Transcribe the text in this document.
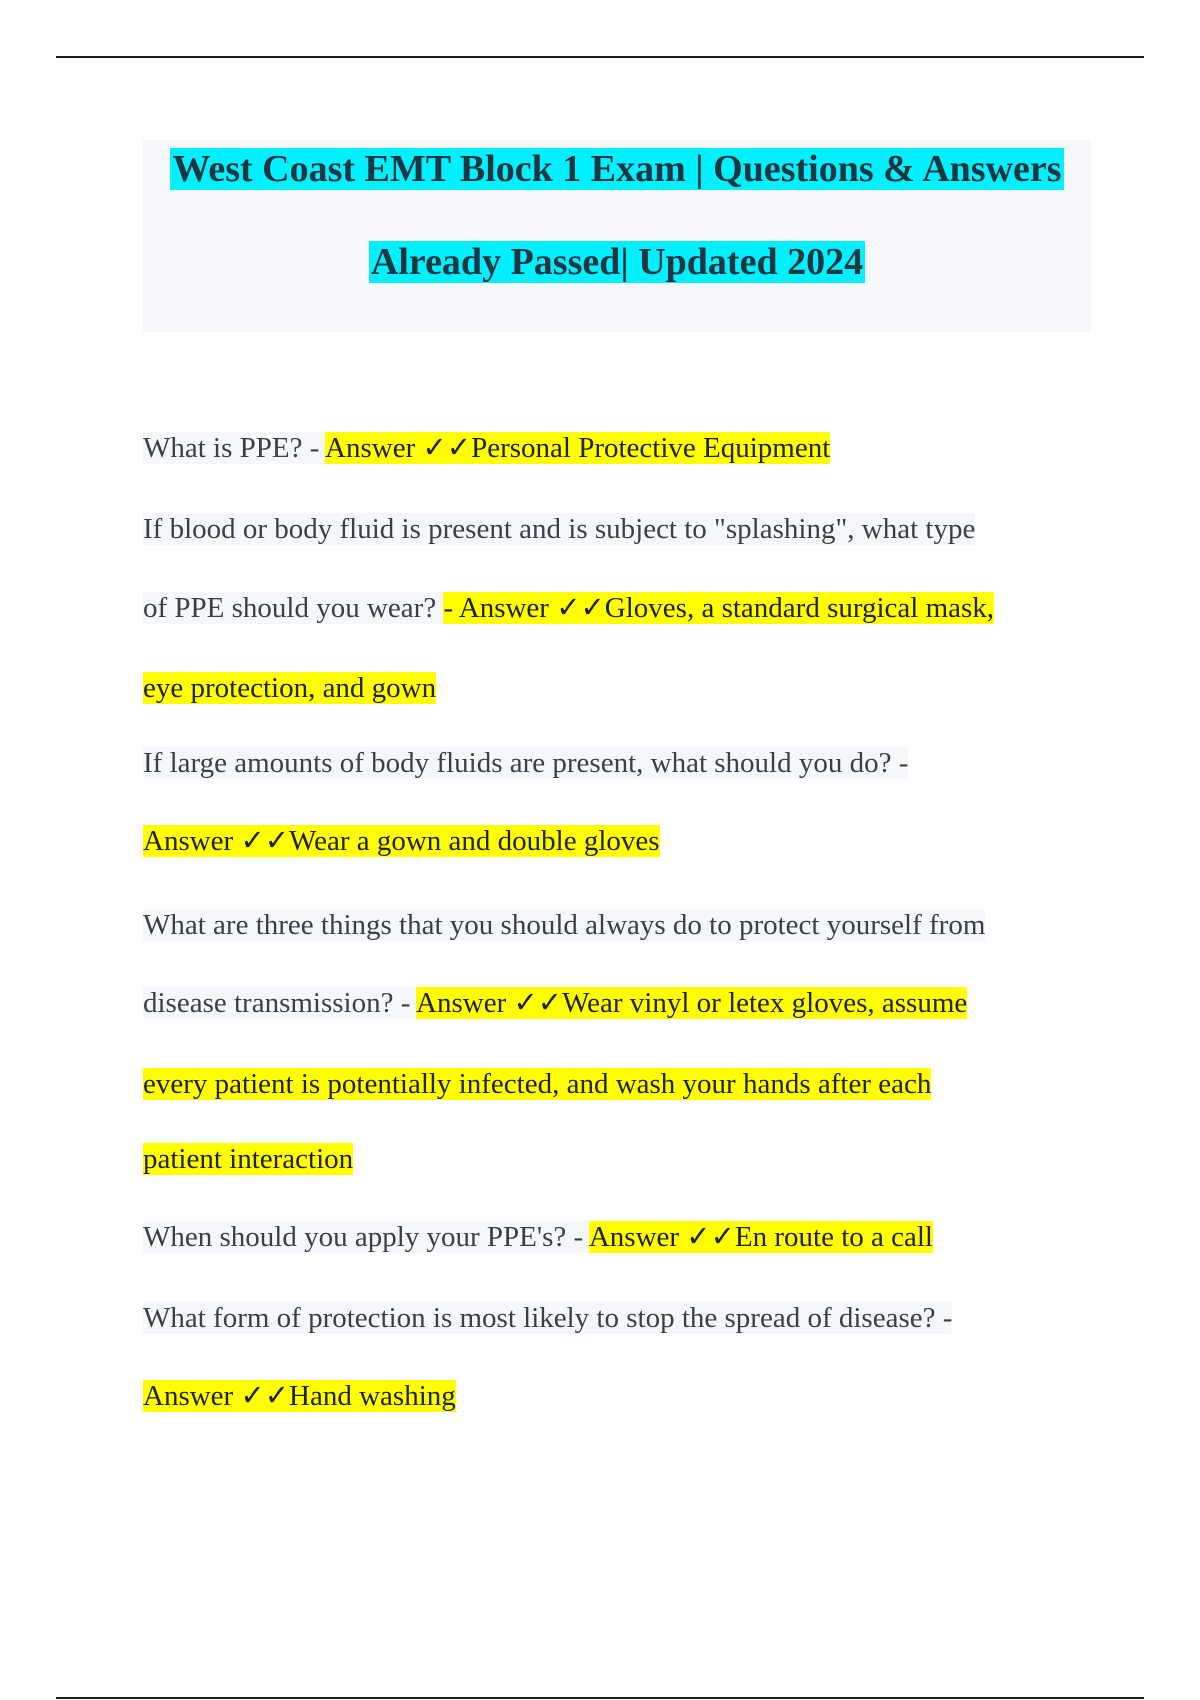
West Coast EMT Block 1 Exam | Questions & Answers
Already Passed| Updated 2024
What is PPE? - Answer ✓✓Personal Protective Equipment
If blood or body fluid is present and is subject to "splashing", what type
of PPE should you wear? - Answer ✓✓Gloves, a standard surgical mask,
eye protection, and gown
If large amounts of body fluids are present, what should you do? -
Answer ✓✓Wear a gown and double gloves
What are three things that you should always do to protect yourself from
disease transmission? - Answer ✓✓Wear vinyl or letex gloves, assume
every patient is potentially infected, and wash your hands after each
patient interaction
When should you apply your PPE's? - Answer ✓✓En route to a call
What form of protection is most likely to stop the spread of disease? -
Answer ✓✓Hand washing
